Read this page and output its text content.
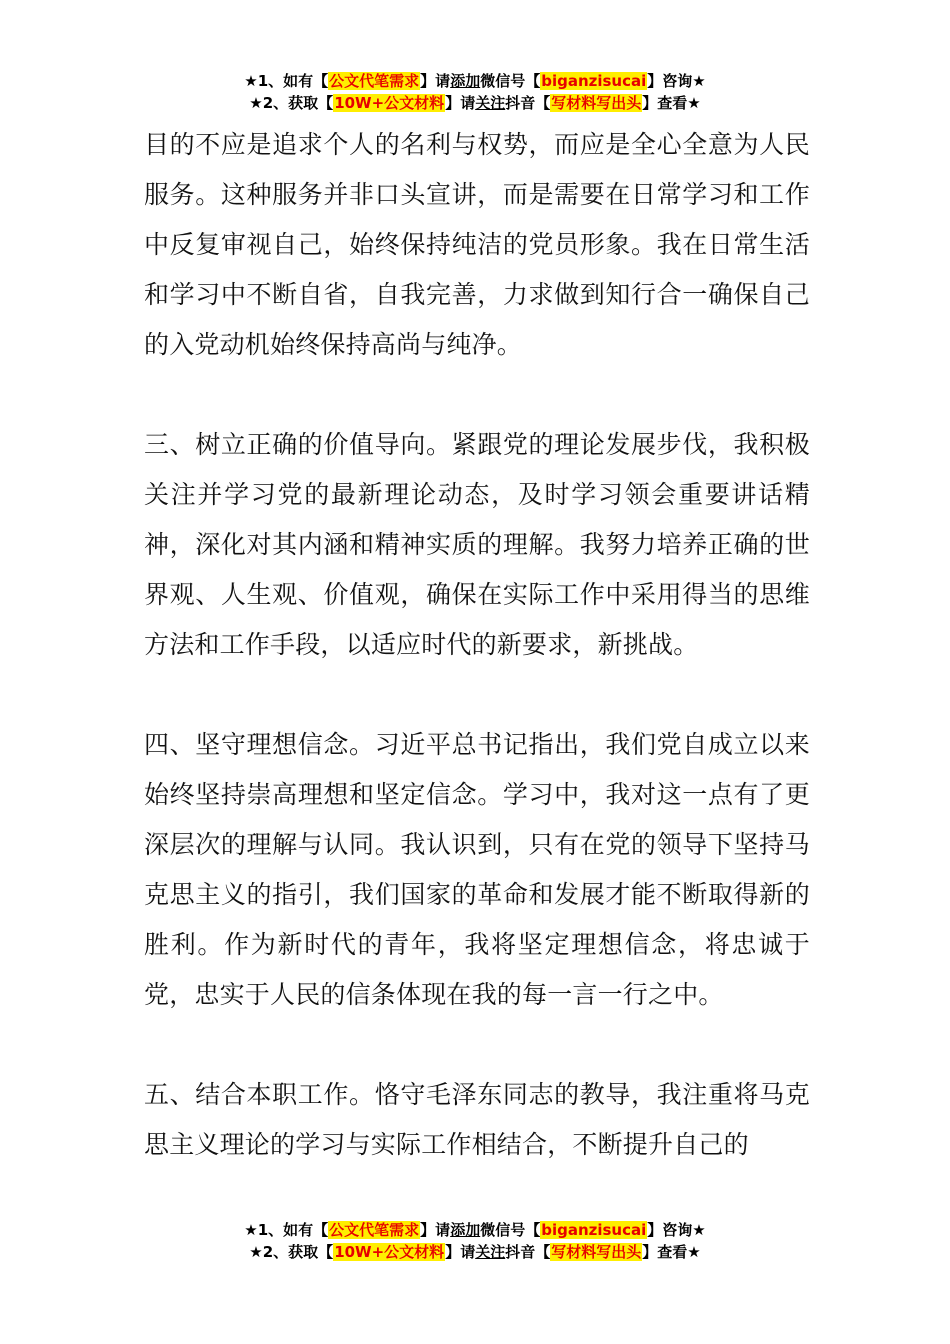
★1、如有【公文代笔需求】请添加微信号【biganzisucai】咨询★
★2、获取【10W+公文材料】请关注抖音【写材料写出头】查看★

目的不应是追求个人的名利与权势，而应是全心全意为人民服务。这种服务并非口头宣讲，而是需要在日常学习和工作中反复审视自己，始终保持纯洁的党员形象。我在日常生活和学习中不断自省，自我完善，力求做到知行合一确保自己的入党动机始终保持高尚与纯净。

三、树立正确的价值导向。紧跟党的理论发展步伐，我积极关注并学习党的最新理论动态，及时学习领会重要讲话精神，深化对其内涵和精神实质的理解。我努力培养正确的世界观、人生观、价值观，确保在实际工作中采用得当的思维方法和工作手段，以适应时代的新要求，新挑战。

四、坚守理想信念。习近平总书记指出，我们党自成立以来始终坚持崇高理想和坚定信念。学习中，我对这一点有了更深层次的理解与认同。我认识到，只有在党的领导下坚持马克思主义的指引，我们国家的革命和发展才能不断取得新的胜利。作为新时代的青年，我将坚定理想信念，将忠诚于党，忠实于人民的信条体现在我的每一言一行之中。

五、结合本职工作。恪守毛泽东同志的教导，我注重将马克思主义理论的学习与实际工作相结合，不断提升自己的

★1、如有【公文代笔需求】请添加微信号【biganzisucai】咨询★
★2、获取【10W+公文材料】请关注抖音【写材料写出头】查看★
